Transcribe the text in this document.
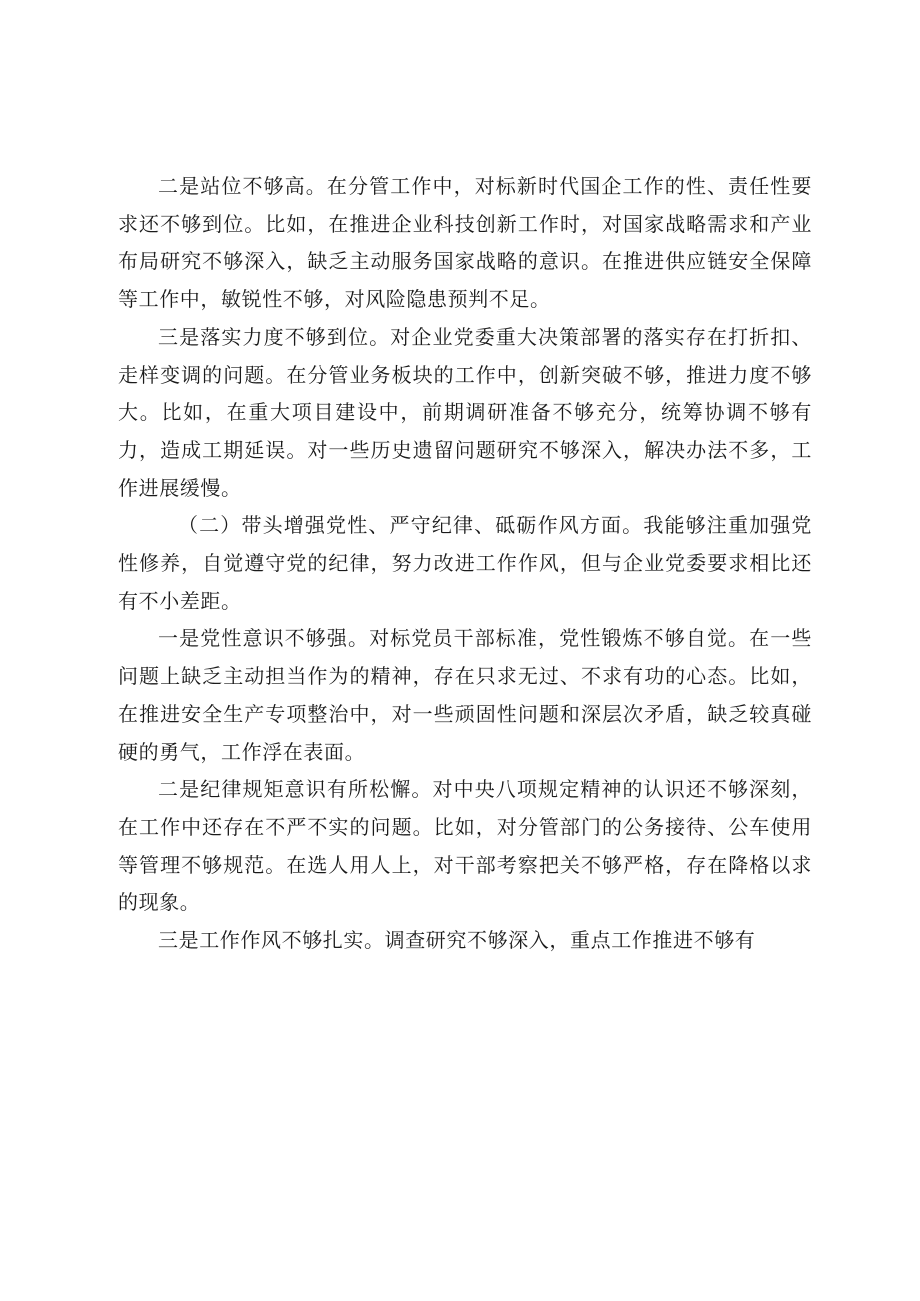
二是站位不够高。在分管工作中，对标新时代国企工作的性、责任性要求还不够到位。比如，在推进企业科技创新工作时，对国家战略需求和产业布局研究不够深入，缺乏主动服务国家战略的意识。在推进供应链安全保障等工作中，敏锐性不够，对风险隐患预判不足。

三是落实力度不够到位。对企业党委重大决策部署的落实存在打折扣、走样变调的问题。在分管业务板块的工作中，创新突破不够，推进力度不够大。比如，在重大项目建设中，前期调研准备不够充分，统筹协调不够有力，造成工期延误。对一些历史遗留问题研究不够深入，解决办法不多，工作进展缓慢。

（二）带头增强党性、严守纪律、砥砺作风方面。我能够注重加强党性修养，自觉遵守党的纪律，努力改进工作作风，但与企业党委要求相比还有不小差距。

一是党性意识不够强。对标党员干部标准，党性锻炼不够自觉。在一些问题上缺乏主动担当作为的精神，存在只求无过、不求有功的心态。比如，在推进安全生产专项整治中，对一些顽固性问题和深层次矛盾，缺乏较真碰硬的勇气，工作浮在表面。

二是纪律规矩意识有所松懈。对中央八项规定精神的认识还不够深刻，在工作中还存在不严不实的问题。比如，对分管部门的公务接待、公车使用等管理不够规范。在选人用人上，对干部考察把关不够严格，存在降格以求的现象。

三是工作作风不够扎实。调查研究不够深入，重点工作推进不够有
